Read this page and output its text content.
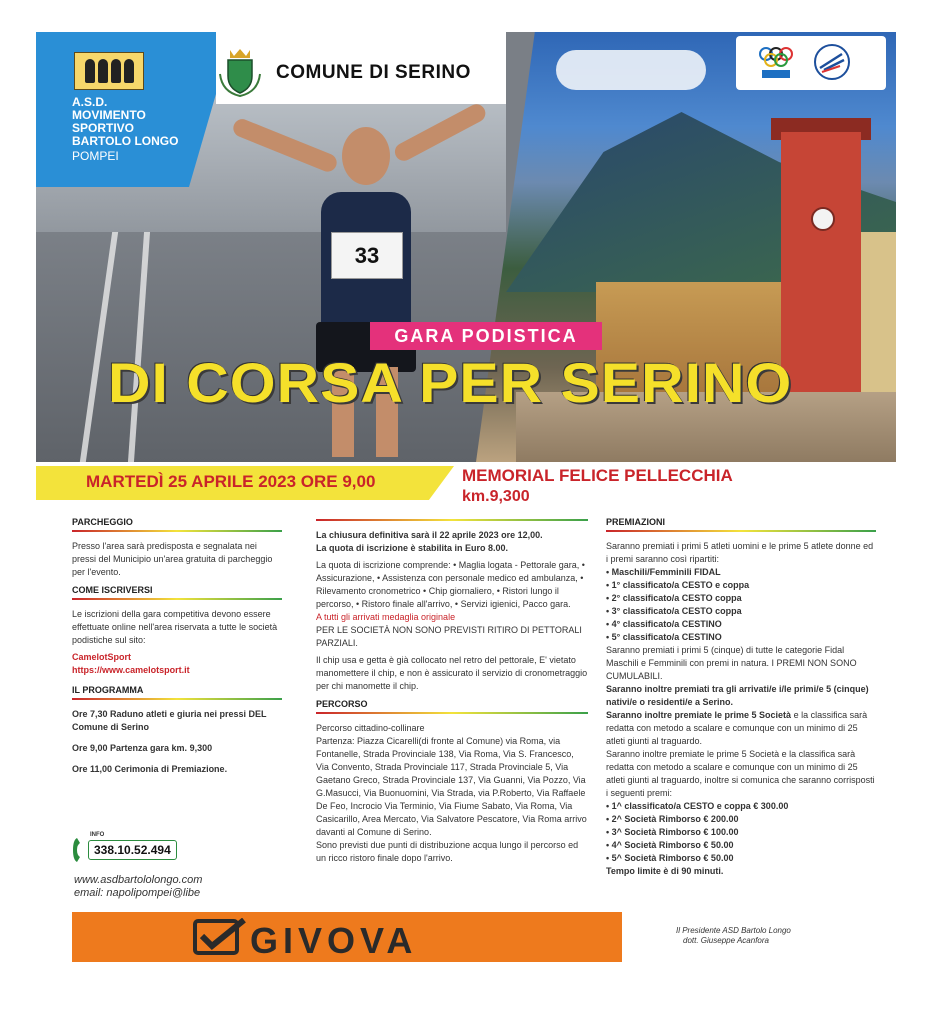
33
A.S.D.
MOVIMENTO
SPORTIVO
BARTOLO LONGO
POMPEI
COMUNE DI SERINO
GARA PODISTICA
DI CORSA PER SERINO
MARTEDÌ 25 APRILE 2023 ORE 9,00	MEMORIAL FELICE PELLECCHIA
km.9,300

PARCHEGGIO

Presso l'area sarà predisposta e segnalata nei pressi del Municipio un'area gratuita di parcheggio per l'evento.

COME ISCRIVERSI

Le iscrizioni della gara competitiva devono essere effettuate online nell'area riservata a tutte le società podistiche sul sito:

CamelotSport

https://www.camelotsport.it

IL PROGRAMMA

Ore 7,30 Raduno atleti e giuria nei pressi DEL Comune di Serino

Ore 9,00 Partenza gara km. 9,300

Ore 11,00 Cerimonia di Premiazione.

INFO
338.10.52.494
www.asdbartololongo.com
email: napolipompei@libe

La chiusura definitiva sarà il 22 aprile 2023 ore 12,00.
La quota di iscrizione è stabilita in Euro 8.00.

La quota di iscrizione comprende: • Maglia logata - Pettorale gara, • Assicurazione, • Assistenza con personale medico ed ambulanza, • Rilevamento cronometrico • Chip giornaliero, • Ristori lungo il percorso, • Ristoro finale all'arrivo, • Servizi igienici, Pacco gara.

A tutti gli arrivati medaglia originale

PER LE SOCIETÀ NON SONO PREVISTI RITIRO DI PETTORALI PARZIALI.

Il chip usa e getta è già collocato nel retro del pettorale, E' vietato manomettere il chip, e non è assicurato il servizio di cronometraggio per chi manomette il chip.

PERCORSO

Percorso cittadino-collinare
Partenza: Piazza Cicarelli(di fronte al Comune) via Roma, via Fontanelle, Strada Provinciale 138, Via Roma, Via S. Francesco, Via Convento, Strada Provinciale 117, Strada Provinciale 5, Via Gaetano Greco, Strada Provinciale 137, Via Guanni, Via Pozzo, Via G.Masucci, Via Buonuomini, Via Strada, via P.Roberto, Via Raffaele De Feo, Incrocio Via Terminio, Via Fiume Sabato, Via Roma, Via Casicarillo, Area Mercato, Via Salvatore Pescatore, Via Roma arrivo davanti al Comune di Serino.
Sono previsti due punti di distribuzione acqua lungo il percorso ed un ricco ristoro finale dopo l'arrivo.

PREMIAZIONI

Saranno premiati i primi 5 atleti uomini e le prime 5 atlete donne ed i premi saranno così ripartiti:

• Maschili/Femminili FIDAL

• 1° classificato/a CESTO e coppa

• 2° classificato/a CESTO coppa

• 3° classificato/a CESTO coppa

• 4° classificato/a CESTINO

• 5° classificato/a CESTINO

Saranno premiati i primi 5 (cinque) di tutte le categorie Fidal Maschili e Femminili con premi in natura. I PREMI NON SONO CUMULABILI.

Saranno inoltre premiati tra gli arrivati/e i/le primi/e 5 (cinque) nativi/e o residenti/e a Serino.

Saranno inoltre premiate le prime 5 Società e la classifica sarà redatta con metodo a scalare e comunque con un minimo di 25 atleti giunti al traguardo.

Saranno inoltre premiate le prime 5 Società e la classifica sarà redatta con metodo a scalare e comunque con un minimo di 25 atleti giunti al traguardo, inoltre si comunica che saranno corrisposti i seguenti premi:

• 1^ classificato/a CESTO e coppa € 300.00

• 2^ Società Rimborso € 200.00

• 3^ Società Rimborso € 100.00

• 4^ Società Rimborso € 50.00

• 5^ Società Rimborso € 50.00

Tempo limite è di 90 minuti.

GIVOVA	Il Presidente ASD Bartolo Longo
dott. Giuseppe Acanfora
